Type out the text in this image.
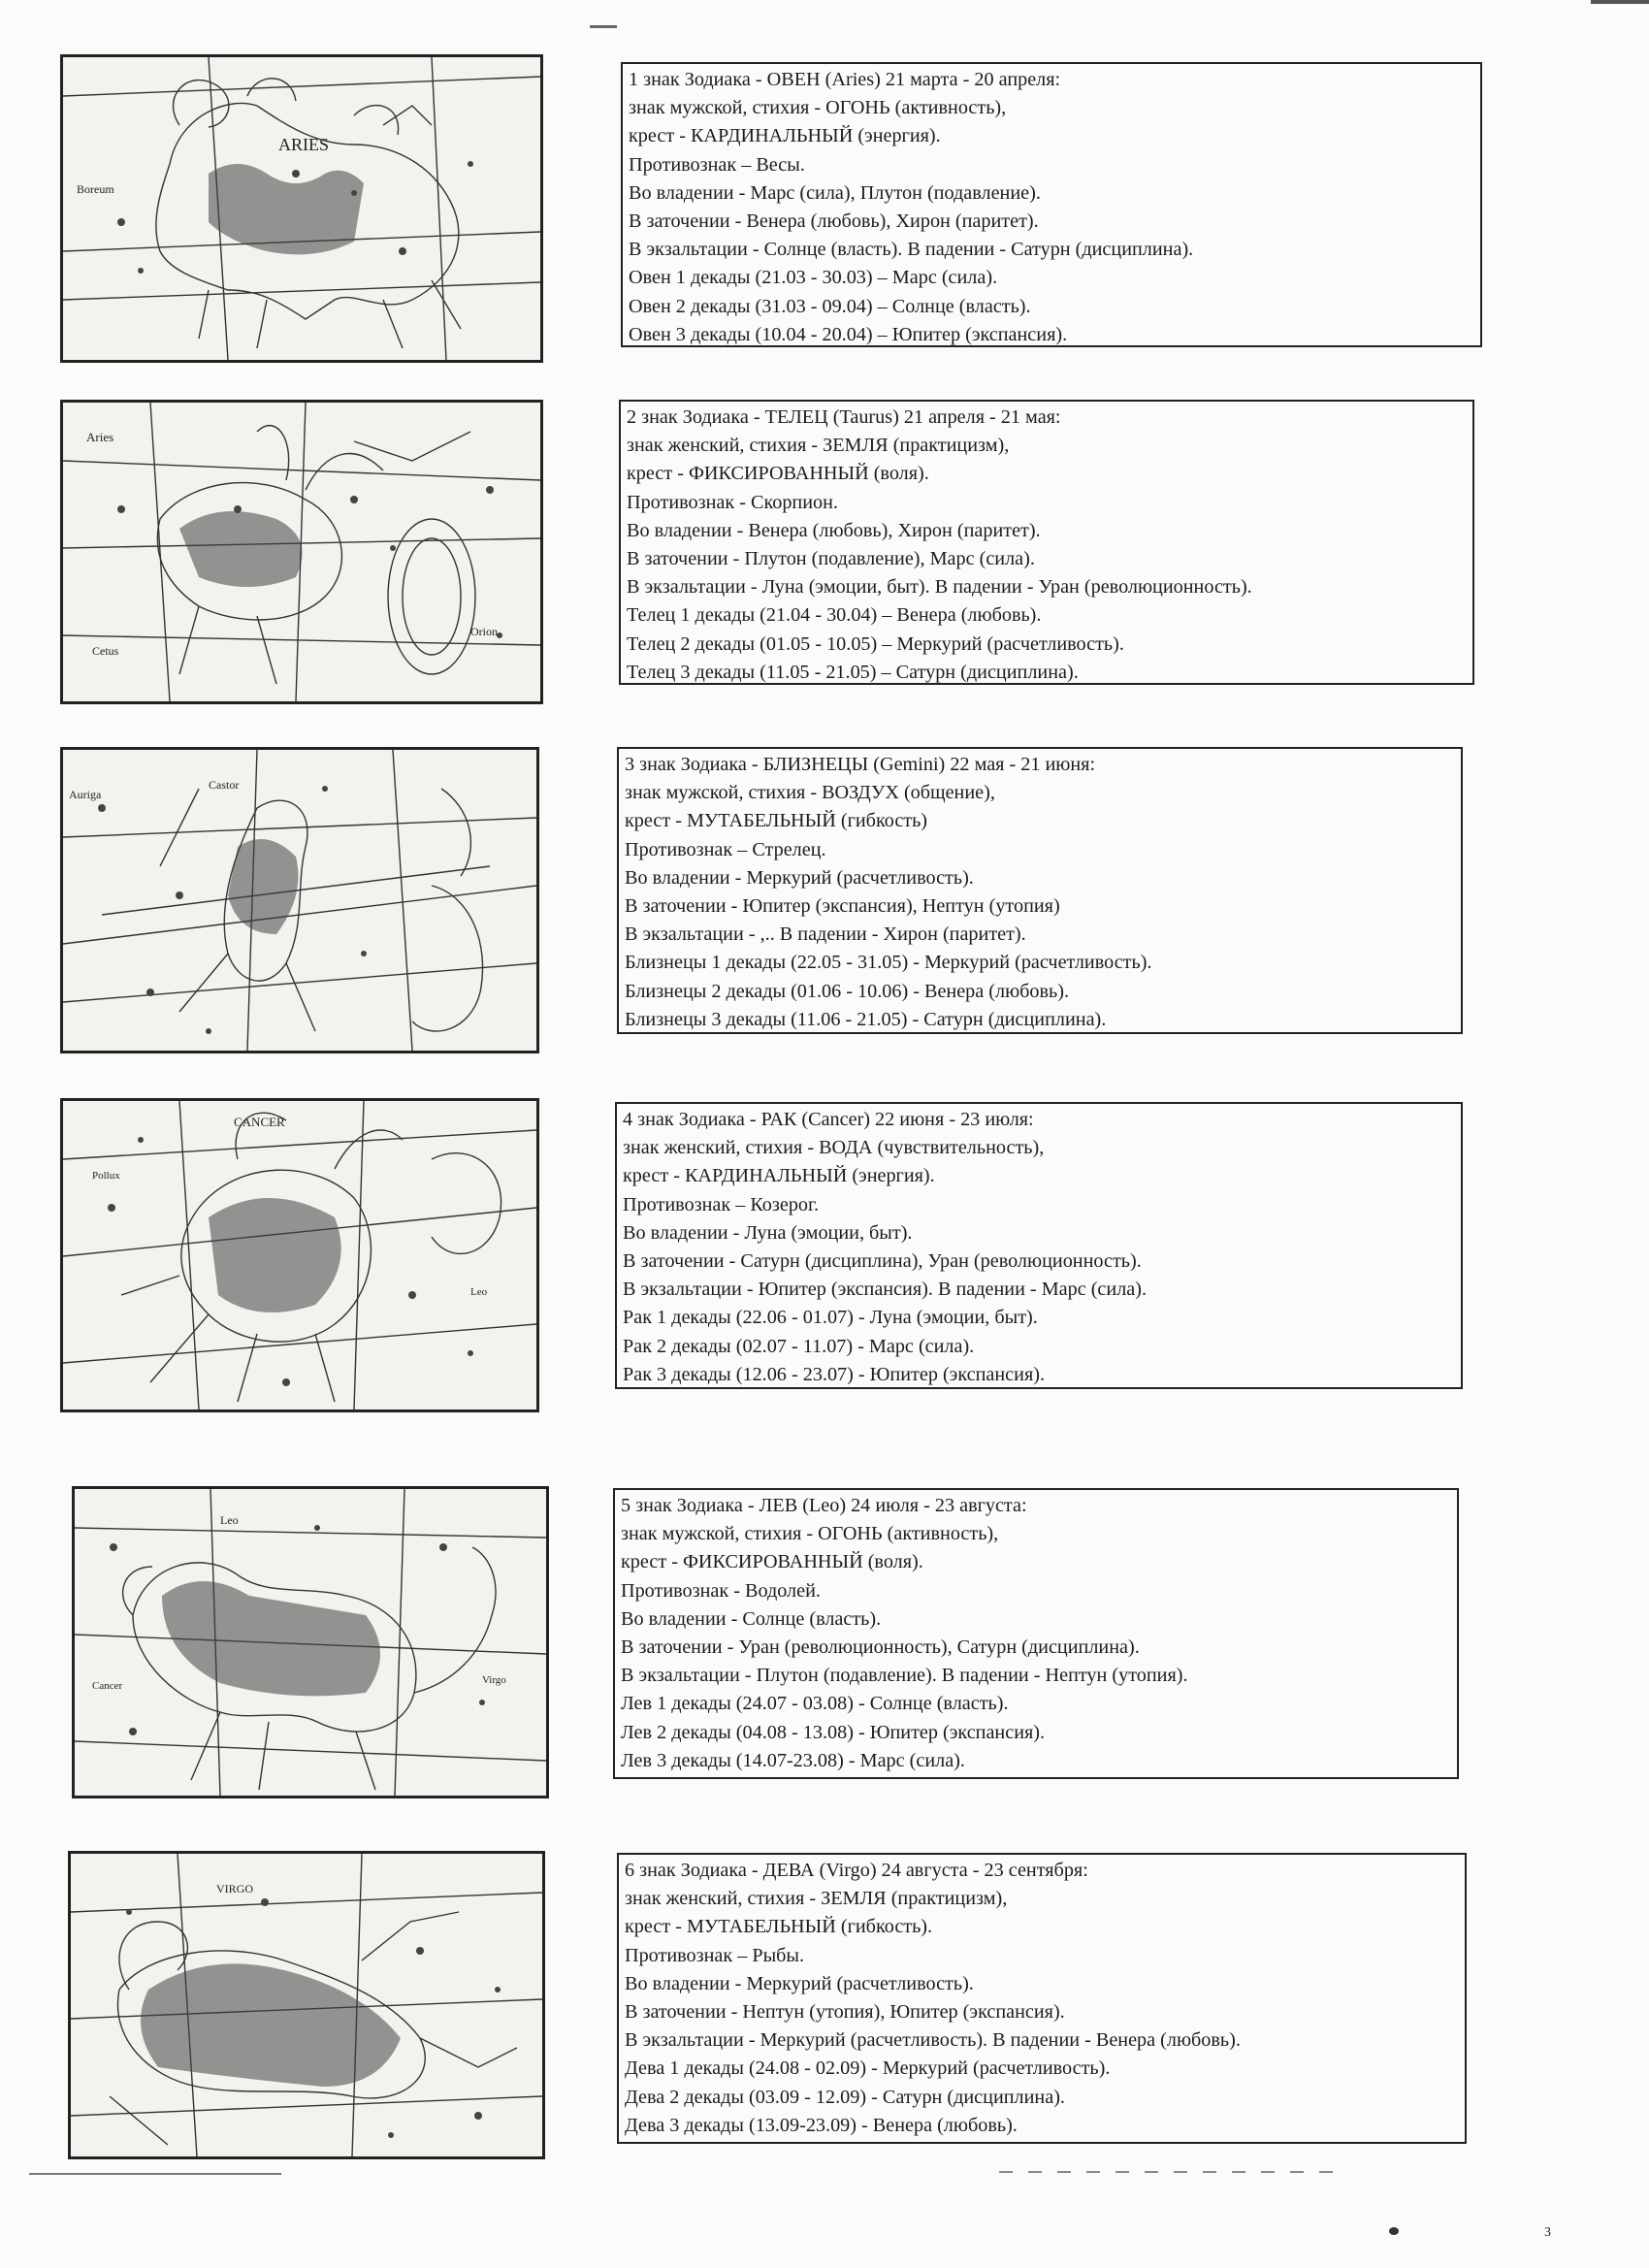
ARIES
Boreum
1 знак Зодиака - ОВЕН (Aries) 21 марта - 20 апреля:
знак мужской, стихия - ОГОНЬ (активность),
крест - КАРДИНАЛЬНЫЙ (энергия).
Противознак – Весы.
Во владении - Марс (сила), Плутон (подавление).
В заточении - Венера (любовь), Хирон (паритет).
В экзальтации - Солнце (власть). В падении - Сатурн (дисциплина).
Овен 1 декады (21.03 - 30.03) – Марс (сила).
Овен 2 декады (31.03 - 09.04) – Солнце (власть).
Овен 3 декады (10.04 - 20.04) – Юпитер (экспансия).
Aries
Orion
Cetus
2 знак Зодиака - ТЕЛЕЦ (Taurus) 21 апреля - 21 мая:
знак женский, стихия - ЗЕМЛЯ (практицизм),
крест - ФИКСИРОВАННЫЙ (воля).
Противознак - Скорпион.
Во владении - Венера (любовь), Хирон (паритет).
В заточении - Плутон (подавление), Марс (сила).
В экзальтации - Луна (эмоции, быт). В падении - Уран (революционность).
Телец 1 декады (21.04 - 30.04) – Венера (любовь).
Телец 2 декады (01.05 - 10.05) – Меркурий (расчетливость).
Телец 3 декады (11.05 - 21.05) – Сатурн (дисциплина).
Castor
Auriga
3 знак Зодиака - БЛИЗНЕЦЫ (Gemini) 22 мая - 21 июня:
знак мужской, стихия - ВОЗДУХ (общение),
крест - МУТАБЕЛЬНЫЙ (гибкость)
Противознак – Стрелец.
Во владении - Меркурий (расчетливость).
В заточении - Юпитер (экспансия), Нептун (утопия)
В экзальтации - ,.. В падении - Хирон (паритет).
Близнецы 1 декады (22.05 - 31.05) - Меркурий (расчетливость).
Близнецы 2 декады (01.06 - 10.06) - Венера (любовь).
Близнецы 3 декады (11.06 - 21.05) - Сатурн (дисциплина).
CANCER
Pollux
Leo
4 знак Зодиака - РАК (Cancer) 22 июня - 23 июля:
знак женский, стихия - ВОДА (чувствительность),
крест - КАРДИНАЛЬНЫЙ (энергия).
Противознак – Козерог.
Во владении - Луна (эмоции, быт).
В заточении - Сатурн (дисциплина), Уран (революционность).
В экзальтации - Юпитер (экспансия). В падении - Марс (сила).
Рак 1 декады (22.06 - 01.07) - Луна (эмоции, быт).
Рак 2 декады (02.07 - 11.07) - Марс (сила).
Рак 3 декады (12.06 - 23.07) - Юпитер (экспансия).
Leo
Cancer	Virgo
5 знак Зодиака - ЛЕВ (Leo) 24 июля - 23 августа:
знак мужской, стихия - ОГОНЬ (активность),
крест - ФИКСИРОВАННЫЙ (воля).
Противознак - Водолей.
Во владении - Солнце (власть).
В заточении - Уран (революционность), Сатурн (дисциплина).
В экзальтации - Плутон (подавление). В падении - Нептун (утопия).
Лев 1 декады (24.07 - 03.08) - Солнце (власть).
Лев 2 декады (04.08 - 13.08) - Юпитер (экспансия).
Лев 3 декады (14.07-23.08) - Марс (сила).
VIRGO
6 знак Зодиака - ДЕВА (Virgo) 24 августа - 23 сентября:
знак женский, стихия - ЗЕМЛЯ (практицизм),
крест - МУТАБЕЛЬНЫЙ (гибкость).
Противознак – Рыбы.
Во владении - Меркурий (расчетливость).
В заточении - Нептун (утопия), Юпитер (экспансия).
В экзальтации - Меркурий (расчетливость). В падении - Венера (любовь).
Дева 1 декады (24.08 - 02.09) - Меркурий (расчетливость).
Дева 2 декады (03.09 - 12.09) - Сатурн (дисциплина).
Дева 3 декады (13.09-23.09) - Венера (любовь).
3
